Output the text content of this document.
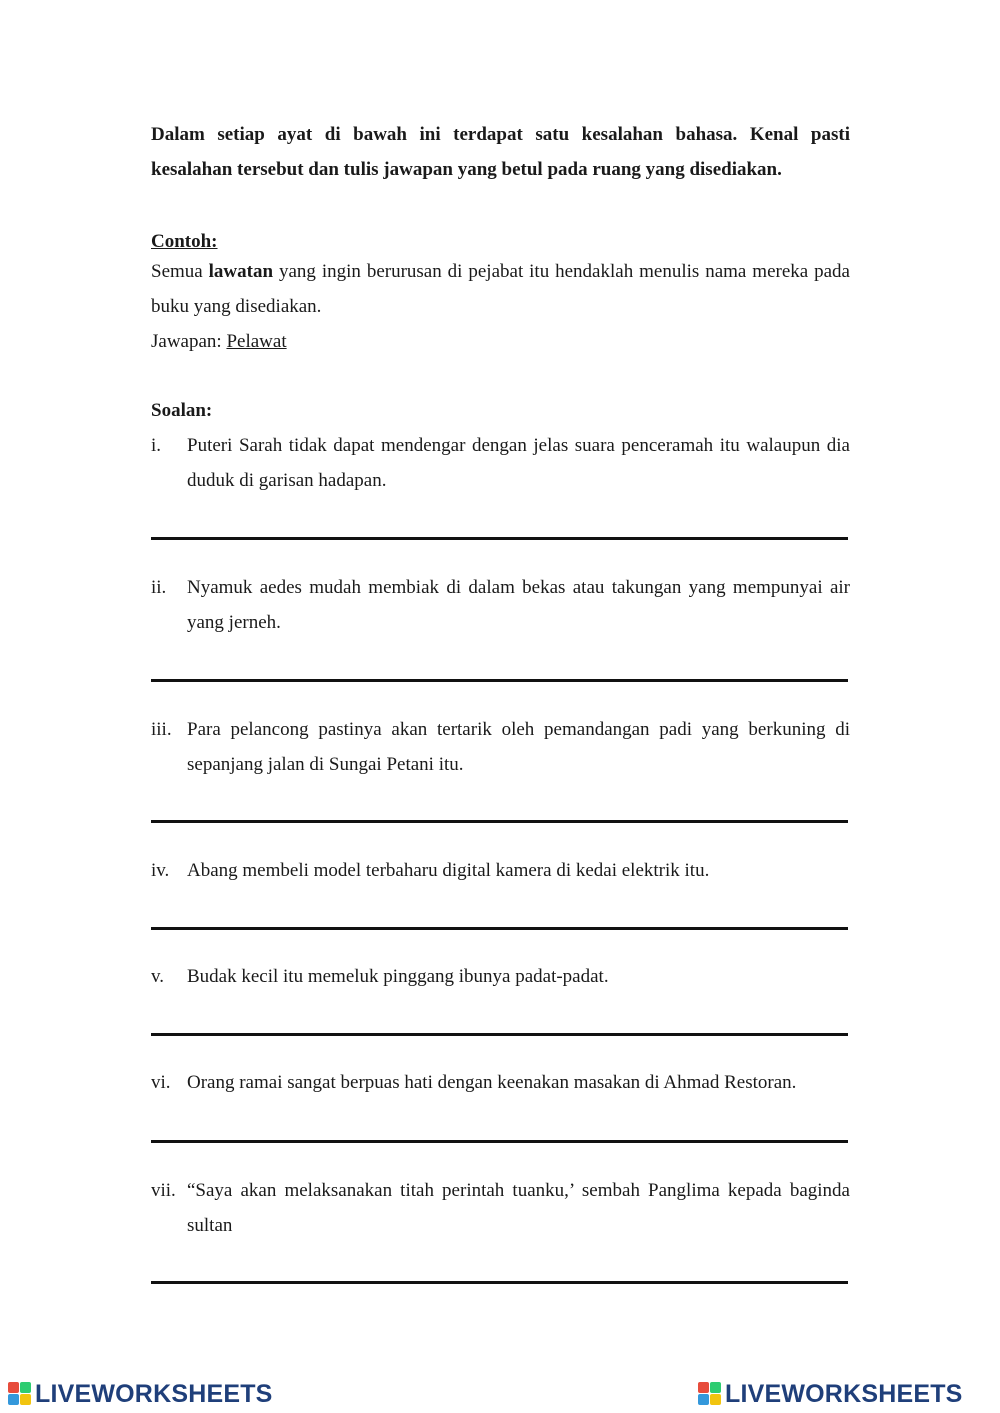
Dalam setiap ayat di bawah ini terdapat satu kesalahan bahasa. Kenal pasti kesalahan tersebut dan tulis jawapan yang betul pada ruang yang disediakan.

Contoh:

Semua lawatan yang ingin berurusan di pejabat itu hendaklah menulis nama mereka pada buku yang disediakan.

Jawapan: Pelawat

Soalan:

i.	Puteri Sarah tidak dapat mendengar dengan jelas suara penceramah itu walaupun dia duduk di garisan hadapan.
ii.	Nyamuk aedes mudah membiak di dalam bekas atau takungan yang mempunyai air yang jerneh.
iii. Para pelancong pastinya akan tertarik oleh pemandangan padi yang berkuning di sepanjang jalan di Sungai Petani itu.
iv. Abang membeli model terbaharu digital kamera di kedai elektrik itu.
v.	Budak kecil itu memeluk pinggang ibunya padat-padat.
vi. Orang ramai sangat berpuas hati dengan keenakan masakan di Ahmad Restoran.
vii. “Saya akan melaksanakan titah perintah tuanku,’ sembah Panglima kepada baginda sultan
LIVEWORKSHEETS	LIVEWORKSHEETS
